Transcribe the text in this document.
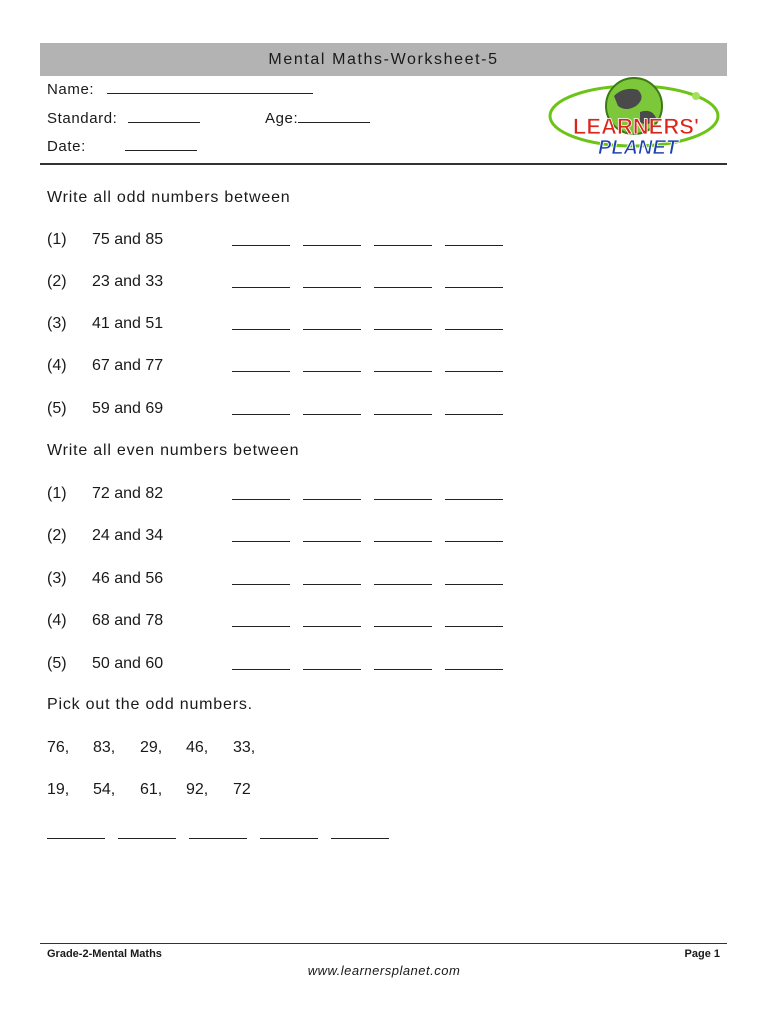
Mental Maths-Worksheet-5
Name:
Standard:	Age:
Date:
LEARNERS'
PLANET
Write all odd numbers between
(1) 75 and 85
(2) 23 and 33
(3) 41 and 51
(4) 67 and 77
(5) 59 and 69
Write all even numbers between
(1) 72 and 82
(2) 24 and 34
(3) 46 and 56
(4) 68 and 78
(5) 50 and 60
Pick out the odd numbers.
76, 83, 29, 46, 33,
19, 54, 61, 92, 72
Grade-2-Mental Maths	Page 1
www.learnersplanet.com
